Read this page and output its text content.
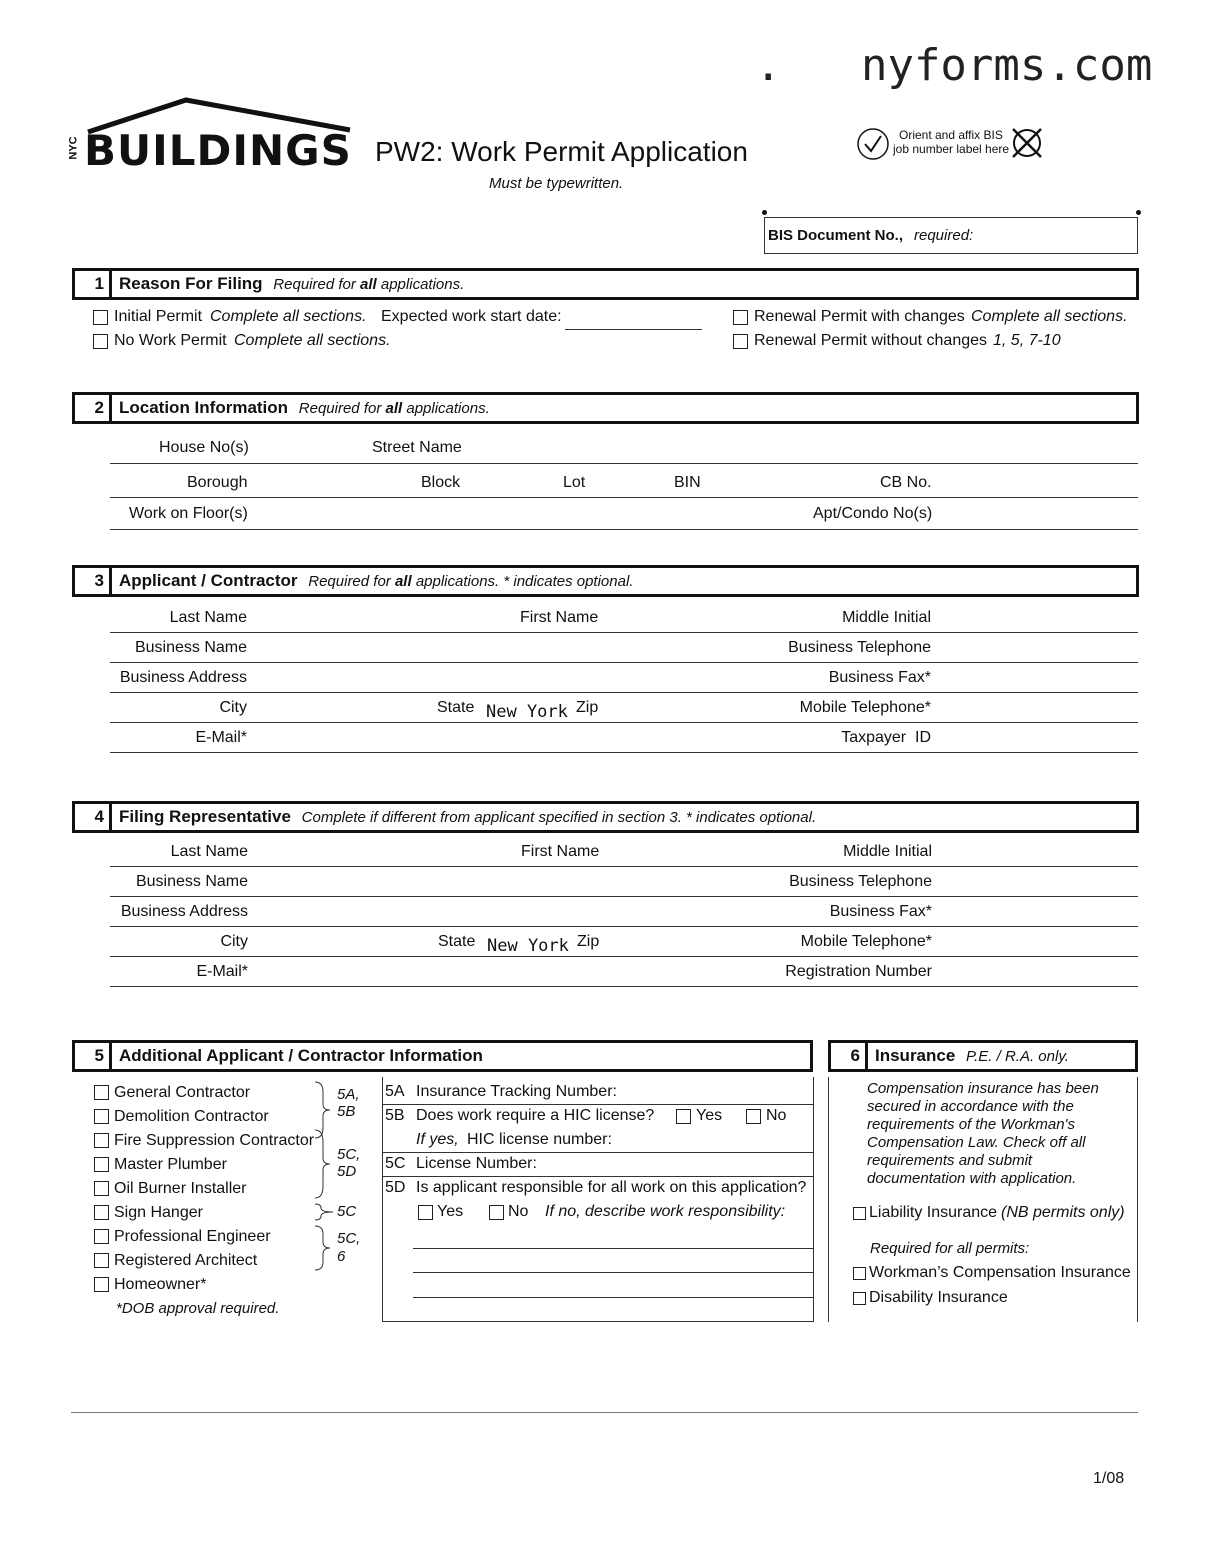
.   nyforms.com
NYC BUILDINGS PW2: Work Permit Application
Must be typewritten.
Orient and affix BIS
job number label here
BIS Document No., required:
1 Reason For Filing Required for all applications.
Initial Permit Complete all sections. Expected work start date:
No Work Permit Complete all sections.
Renewal Permit with changes Complete all sections.
Renewal Permit without changes 1, 5, 7-10
2 Location Information Required for all applications.
House No(s)	Street Name
Borough	Block	Lot	BIN	CB No.
Work on Floor(s)	Apt/Condo No(s)
3 Applicant / Contractor Required for all applications. * indicates optional.
Last Name	First Name	Middle Initial
Business Name	Business Telephone
Business Address	Business Fax*
City	State New York Zip	Mobile Telephone*
E-Mail*	Taxpayer  ID
4 Filing Representative Complete if different from applicant specified in section 3. * indicates optional.
Last Name	First Name	Middle Initial
Business Name	Business Telephone
Business Address	Business Fax*
City	State New York Zip	Mobile Telephone*
E-Mail*	Registration Number
5 Additional Applicant / Contractor Information
General Contractor
Demolition Contractor
Fire Suppression Contractor
Master Plumber
Oil Burner Installer
Sign Hanger
Professional Engineer
Registered Architect
Homeowner*
*DOB approval required.
5A,
5B
5C,
5D
5C
5C,
6
5A Insurance Tracking Number:
5B Does work require a HIC license?	Yes	No
If yes, HIC license number:
5C License Number:
5D Is applicant responsible for all work on this application?
Yes	No If no, describe work responsibility:
6 Insurance P.E. / R.A. only.
Compensation insurance has been
secured in accordance with the
requirements of the Workman's
Compensation Law. Check off all
requirements and submit
documentation with application.
Liability Insurance (NB permits only)
Required for all permits:
Workman’s Compensation Insurance
Disability Insurance
1/08
